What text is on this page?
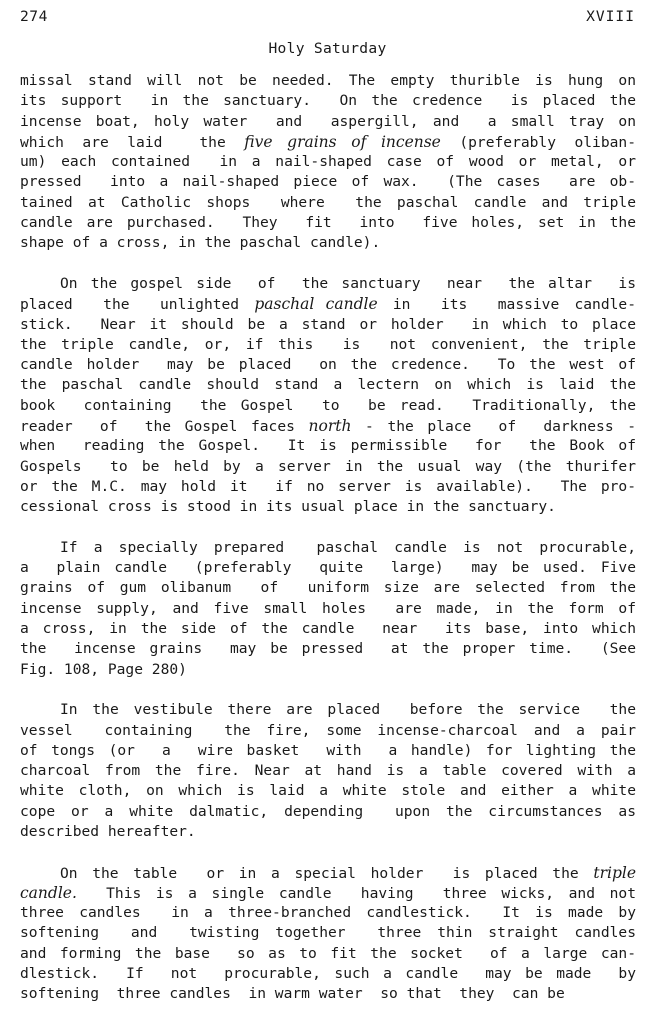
274	XVIII
Holy Saturday
missal stand will not be needed. The empty thurible is hung on
its support  in the sanctuary.  On the credence  is placed the
incense boat, holy water  and  aspergill, and  a small tray on
which are laid  the five grains of incense (preferably oliban-
um) each contained  in a nail-shaped case of wood or metal, or
pressed  into a nail-shaped piece of wax.  (The cases  are ob-
tained at Catholic shops  where  the paschal candle and triple
candle are purchased.  They  fit  into  five holes, set in the
shape of a cross, in the paschal candle).
On the gospel side  of  the sanctuary  near  the altar  is
placed  the  unlighted paschal candle in  its  massive candle-
stick.  Near it should be a stand or holder  in which to place
the triple candle, or, if this  is  not convenient, the triple
candle holder  may be placed  on the credence.  To the west of
the paschal candle should stand a lectern on which is laid the
book  containing  the Gospel  to  be read.  Traditionally, the
reader  of  the Gospel faces north - the place  of  darkness -
when  reading the Gospel.  It is permissible  for  the Book of
Gospels  to be held by a server in the usual way (the thurifer
or the M.C. may hold it  if no server is available).  The pro-
cessional cross is stood in its usual place in the sanctuary.
If a specially prepared  paschal candle is not procurable,
a  plain candle  (preferably  quite  large)  may be used. Five
grains of gum olibanum  of  uniform size are selected from the
incense supply, and five small holes  are made, in the form of
a cross, in the side of the candle  near  its base, into which
the  incense grains  may be pressed  at the proper time.  (See
Fig. 108, Page 280)
In the vestibule there are placed  before the service  the
vessel  containing  the fire, some incense-charcoal and a pair
of tongs (or  a  wire basket  with  a handle) for lighting the
charcoal from the fire. Near at hand is a table covered with a
white cloth, on which is laid a white stole and either a white
cope or a white dalmatic, depending  upon the circumstances as
described hereafter.
On the table  or in a special holder  is placed the triple
candle.  This is a single candle  having  three wicks, and not
three candles  in a three-branched candlestick.  It is made by
softening  and  twisting together  three thin straight candles
and forming the base  so as to fit the socket  of a large can-
dlestick.  If  not  procurable, such a candle  may be made  by
softening  three candles  in warm water  so that  they  can be
